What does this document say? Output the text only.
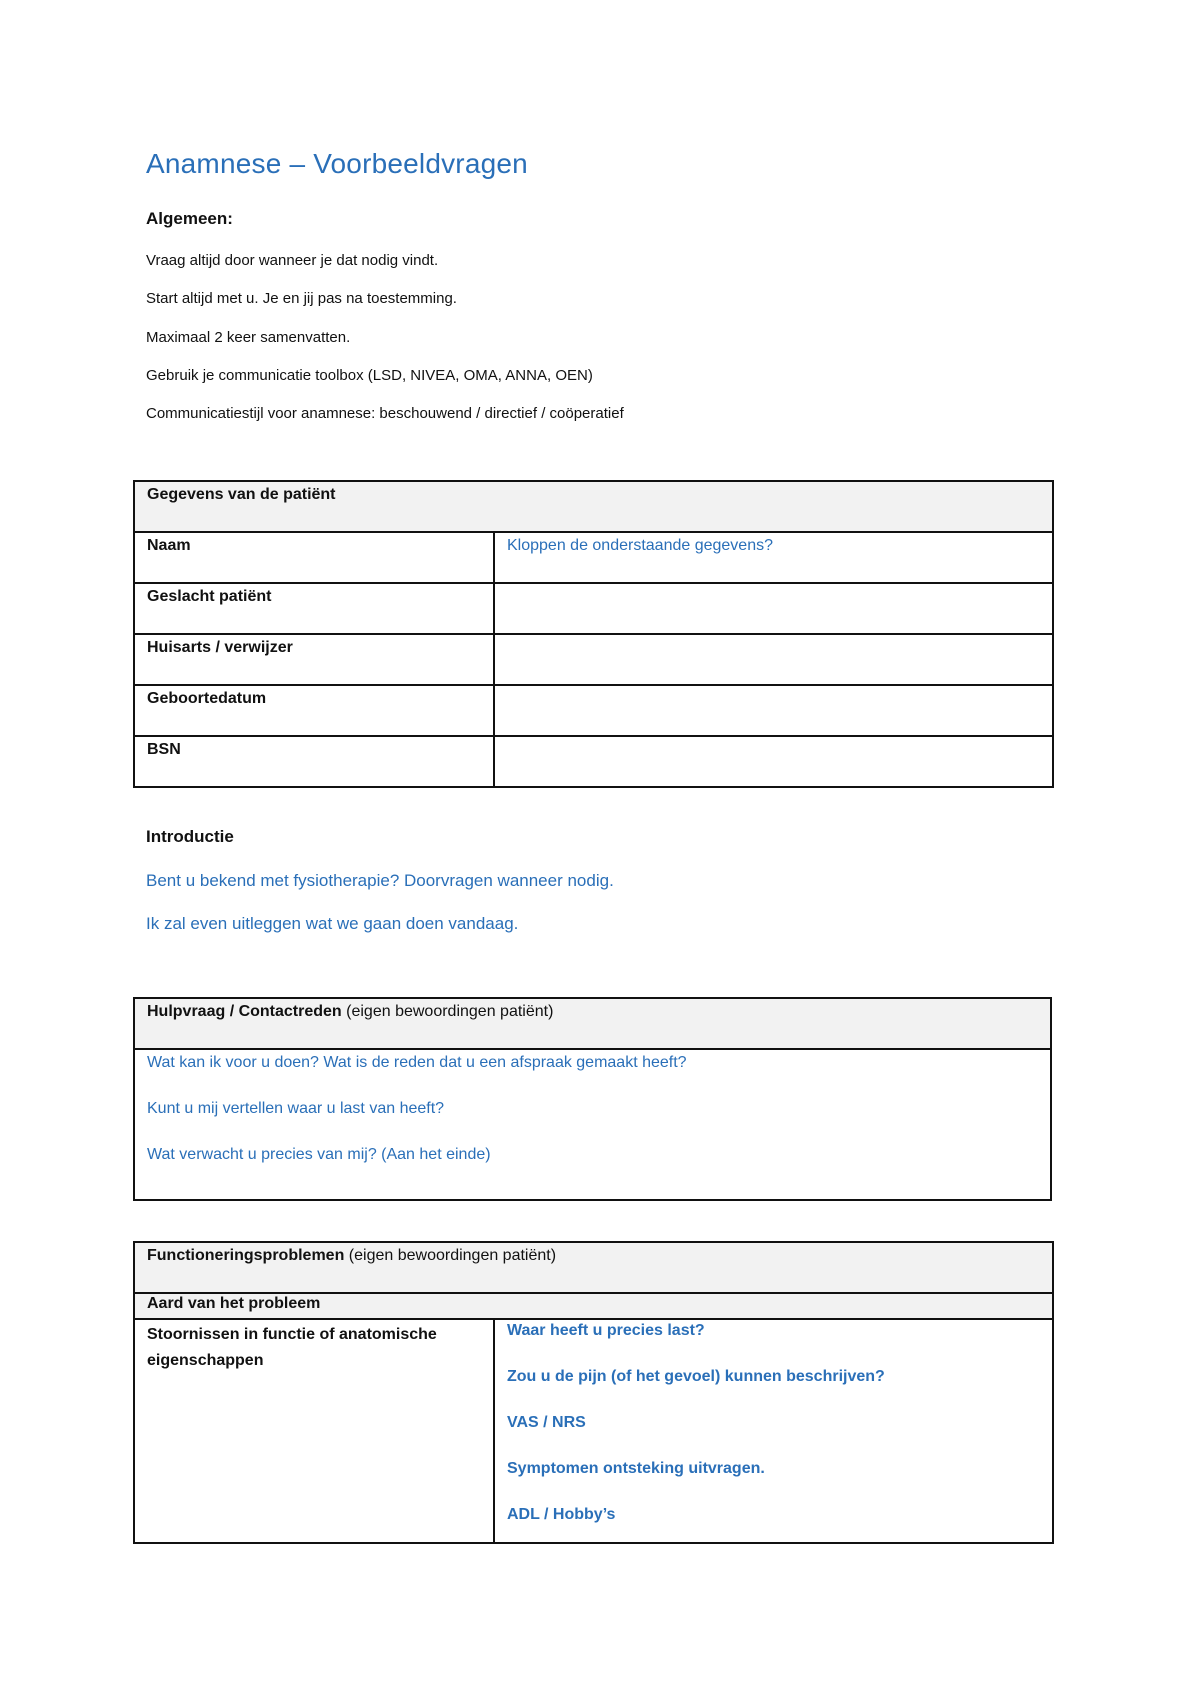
Anamnese – Voorbeeldvragen
Algemeen:
Vraag altijd door wanneer je dat nodig vindt.
Start altijd met u. Je en jij pas na toestemming.
Maximaal 2 keer samenvatten.
Gebruik je communicatie toolbox (LSD, NIVEA, OMA, ANNA, OEN)
Communicatiestijl voor anamnese: beschouwend / directief / coöperatief
Gegevens van de patiënt	
Naam	Kloppen de onderstaande gegevens?
Geslacht patiënt	
Huisarts / verwijzer	
Geboortedatum	
BSN	
Introductie
Bent u bekend met fysiotherapie? Doorvragen wanneer nodig.
Ik zal even uitleggen wat we gaan doen vandaag.
Hulpvraag / Contactreden (eigen bewoordingen patiënt)

Wat kan ik voor u doen? Wat is de reden dat u een afspraak gemaakt heeft?
Kunt u mij vertellen waar u last van heeft?
Wat verwacht u precies van mij? (Aan het einde)
Functioneringsproblemen (eigen bewoordingen patiënt)
Aard van het probleem
Stoornissen in functie of anatomische eigenschappen	
Waar heeft u precies last?
Zou u de pijn (of het gevoel) kunnen beschrijven?
VAS / NRS
Symptomen ontsteking uitvragen.
ADL / Hobby’s
